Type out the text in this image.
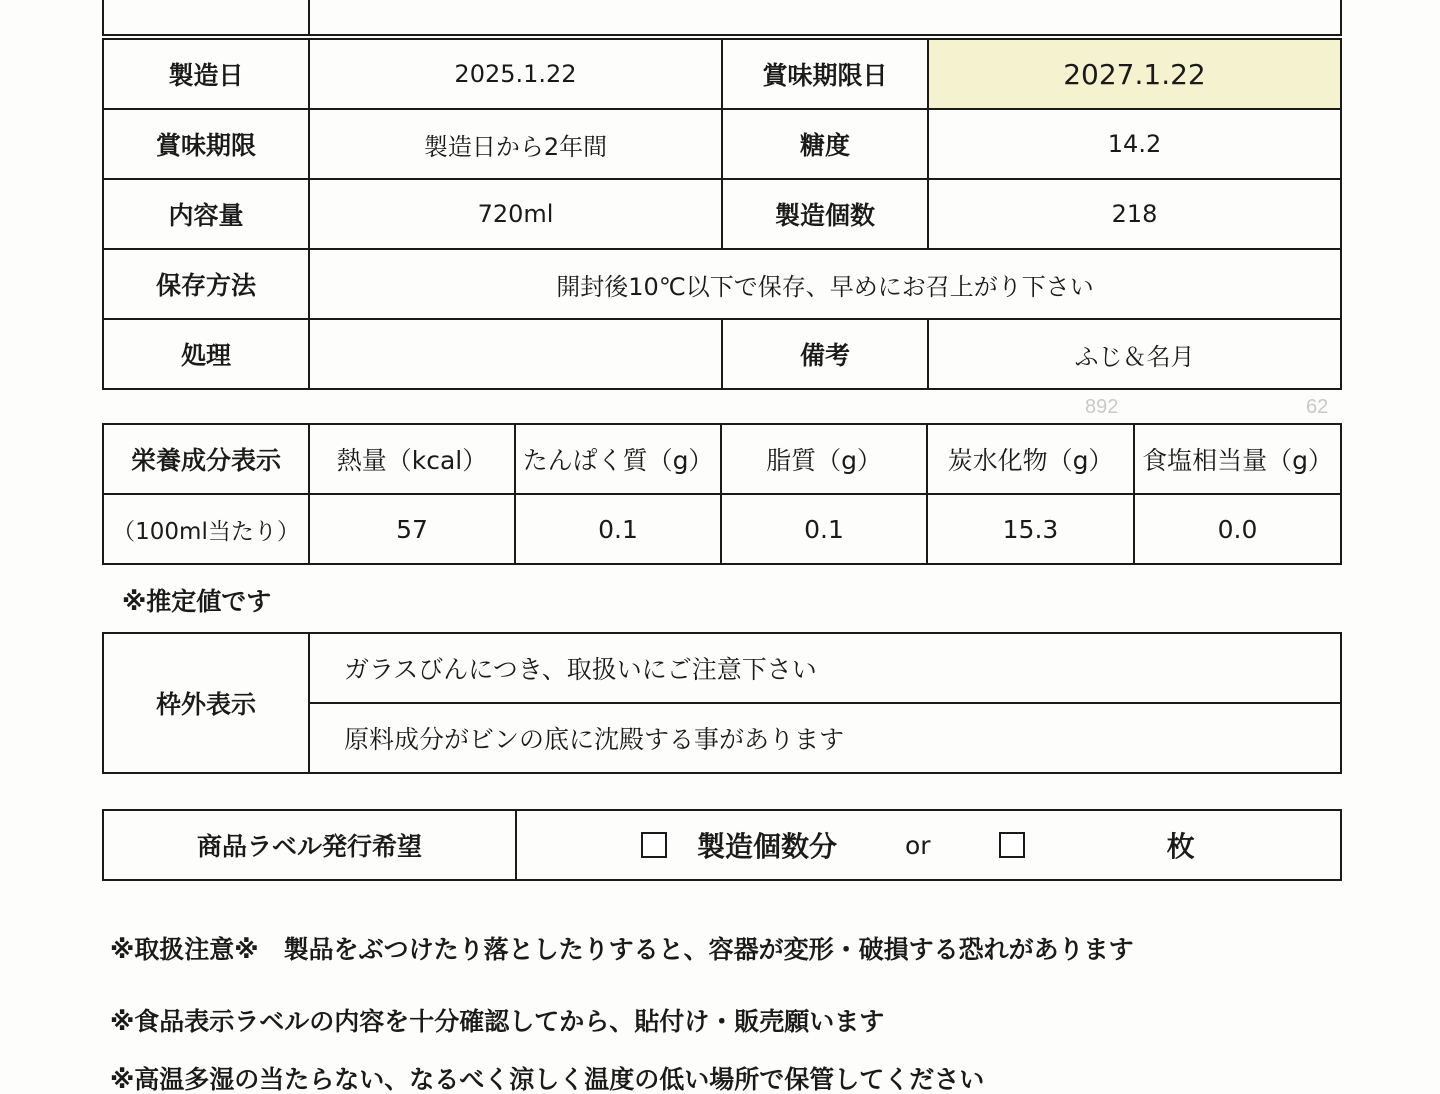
製造日	2025.1.22	賞味期限日	2027.1.22
賞味期限	製造日から2年間	糖度	14.2
内容量	720ml	製造個数	218
保存方法	開封後10℃以下で保存、早めにお召上がり下さい		
処理		備考	ふじ＆名月
892	62
栄養成分表示	熱量（kcal）	たんぱく質（g）	脂質（g）	炭水化物（g）	食塩相当量（g）
（100ml当たり）	57	0.1	0.1	15.3	0.0
※推定値です
枠外表示	ガラスびんにつき、取扱いにご注意下さい
原料成分がビンの底に沈殿する事があります
商品ラベル発行希望	製造個数分	or	枚
※取扱注意※　製品をぶつけたり落としたりすると、容器が変形・破損する恐れがあります
※食品表示ラベルの内容を十分確認してから、貼付け・販売願います
※高温多湿の当たらない、なるべく涼しく温度の低い場所で保管してください
